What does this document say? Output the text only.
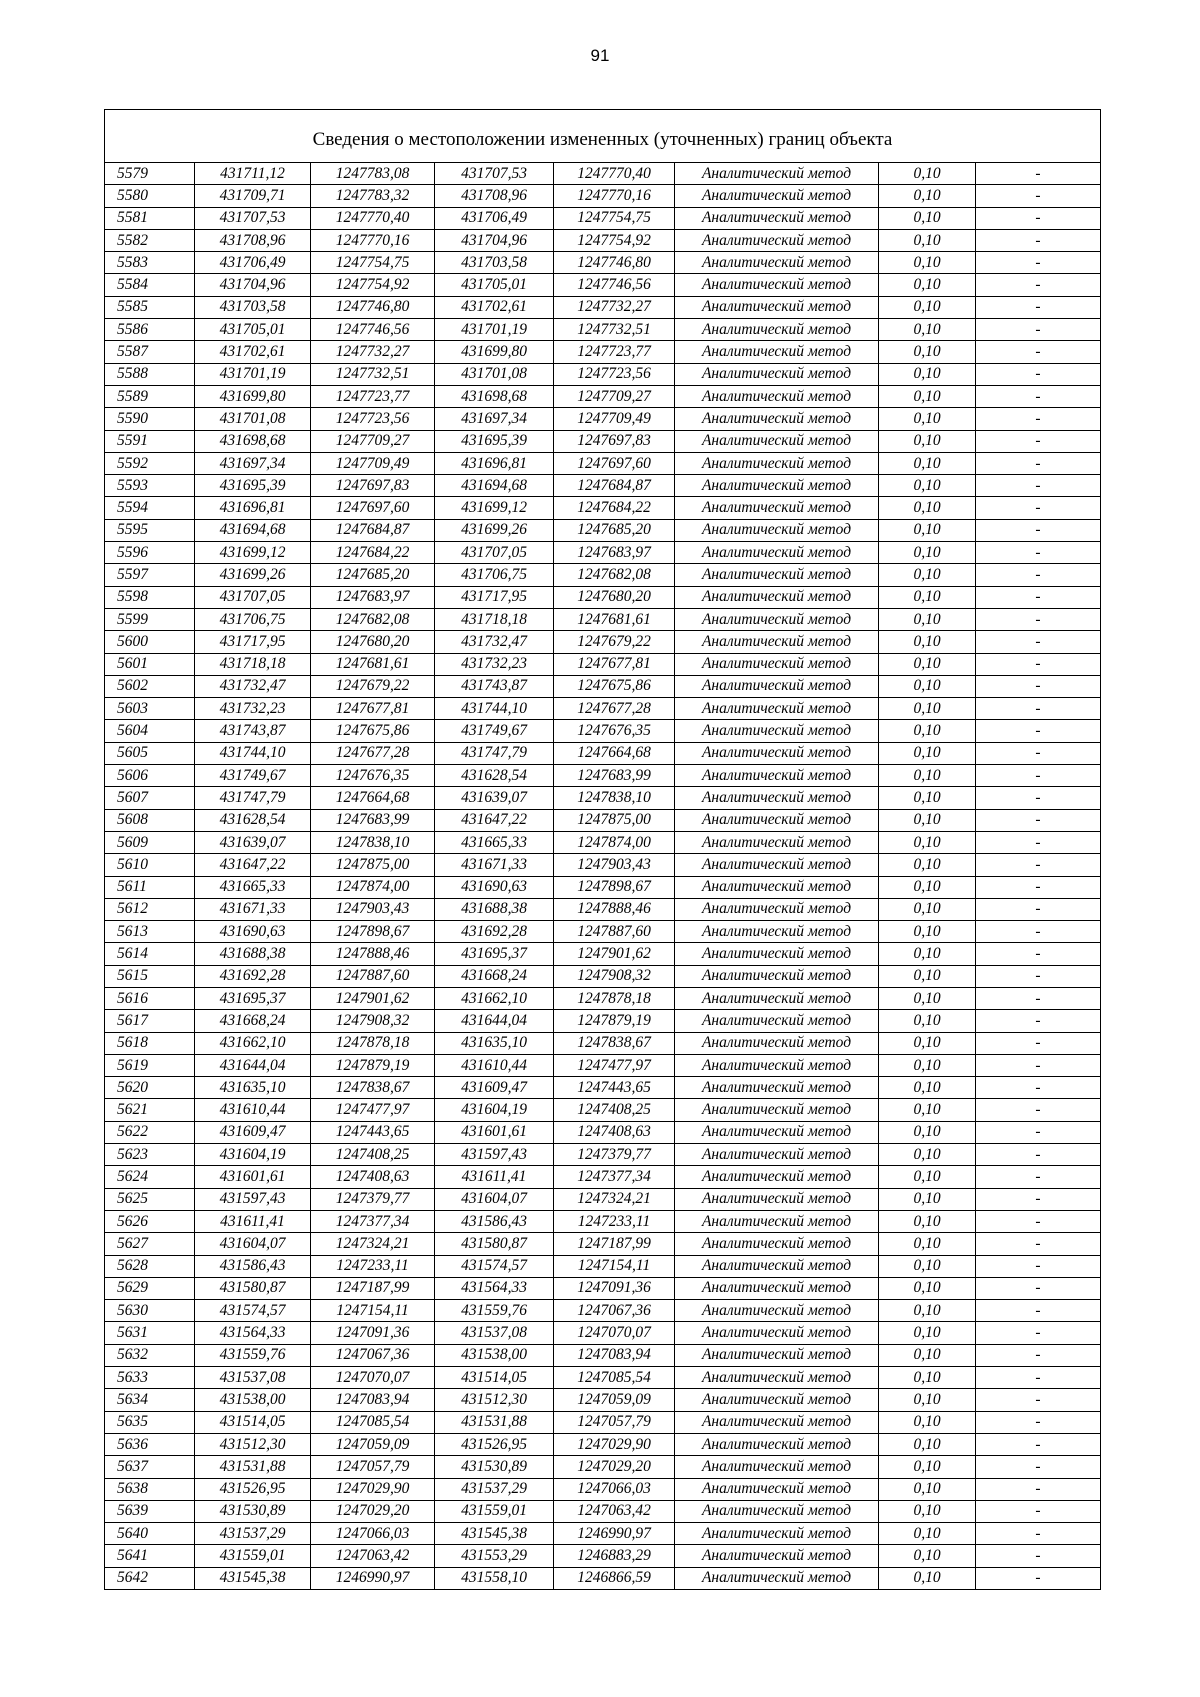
91
Сведения о местоположении измененных (уточненных) границ объекта
5579	431711,12	1247783,08	431707,53	1247770,40	Аналитический метод	0,10	-
5580	431709,71	1247783,32	431708,96	1247770,16	Аналитический метод	0,10	-
5581	431707,53	1247770,40	431706,49	1247754,75	Аналитический метод	0,10	-
5582	431708,96	1247770,16	431704,96	1247754,92	Аналитический метод	0,10	-
5583	431706,49	1247754,75	431703,58	1247746,80	Аналитический метод	0,10	-
5584	431704,96	1247754,92	431705,01	1247746,56	Аналитический метод	0,10	-
5585	431703,58	1247746,80	431702,61	1247732,27	Аналитический метод	0,10	-
5586	431705,01	1247746,56	431701,19	1247732,51	Аналитический метод	0,10	-
5587	431702,61	1247732,27	431699,80	1247723,77	Аналитический метод	0,10	-
5588	431701,19	1247732,51	431701,08	1247723,56	Аналитический метод	0,10	-
5589	431699,80	1247723,77	431698,68	1247709,27	Аналитический метод	0,10	-
5590	431701,08	1247723,56	431697,34	1247709,49	Аналитический метод	0,10	-
5591	431698,68	1247709,27	431695,39	1247697,83	Аналитический метод	0,10	-
5592	431697,34	1247709,49	431696,81	1247697,60	Аналитический метод	0,10	-
5593	431695,39	1247697,83	431694,68	1247684,87	Аналитический метод	0,10	-
5594	431696,81	1247697,60	431699,12	1247684,22	Аналитический метод	0,10	-
5595	431694,68	1247684,87	431699,26	1247685,20	Аналитический метод	0,10	-
5596	431699,12	1247684,22	431707,05	1247683,97	Аналитический метод	0,10	-
5597	431699,26	1247685,20	431706,75	1247682,08	Аналитический метод	0,10	-
5598	431707,05	1247683,97	431717,95	1247680,20	Аналитический метод	0,10	-
5599	431706,75	1247682,08	431718,18	1247681,61	Аналитический метод	0,10	-
5600	431717,95	1247680,20	431732,47	1247679,22	Аналитический метод	0,10	-
5601	431718,18	1247681,61	431732,23	1247677,81	Аналитический метод	0,10	-
5602	431732,47	1247679,22	431743,87	1247675,86	Аналитический метод	0,10	-
5603	431732,23	1247677,81	431744,10	1247677,28	Аналитический метод	0,10	-
5604	431743,87	1247675,86	431749,67	1247676,35	Аналитический метод	0,10	-
5605	431744,10	1247677,28	431747,79	1247664,68	Аналитический метод	0,10	-
5606	431749,67	1247676,35	431628,54	1247683,99	Аналитический метод	0,10	-
5607	431747,79	1247664,68	431639,07	1247838,10	Аналитический метод	0,10	-
5608	431628,54	1247683,99	431647,22	1247875,00	Аналитический метод	0,10	-
5609	431639,07	1247838,10	431665,33	1247874,00	Аналитический метод	0,10	-
5610	431647,22	1247875,00	431671,33	1247903,43	Аналитический метод	0,10	-
5611	431665,33	1247874,00	431690,63	1247898,67	Аналитический метод	0,10	-
5612	431671,33	1247903,43	431688,38	1247888,46	Аналитический метод	0,10	-
5613	431690,63	1247898,67	431692,28	1247887,60	Аналитический метод	0,10	-
5614	431688,38	1247888,46	431695,37	1247901,62	Аналитический метод	0,10	-
5615	431692,28	1247887,60	431668,24	1247908,32	Аналитический метод	0,10	-
5616	431695,37	1247901,62	431662,10	1247878,18	Аналитический метод	0,10	-
5617	431668,24	1247908,32	431644,04	1247879,19	Аналитический метод	0,10	-
5618	431662,10	1247878,18	431635,10	1247838,67	Аналитический метод	0,10	-
5619	431644,04	1247879,19	431610,44	1247477,97	Аналитический метод	0,10	-
5620	431635,10	1247838,67	431609,47	1247443,65	Аналитический метод	0,10	-
5621	431610,44	1247477,97	431604,19	1247408,25	Аналитический метод	0,10	-
5622	431609,47	1247443,65	431601,61	1247408,63	Аналитический метод	0,10	-
5623	431604,19	1247408,25	431597,43	1247379,77	Аналитический метод	0,10	-
5624	431601,61	1247408,63	431611,41	1247377,34	Аналитический метод	0,10	-
5625	431597,43	1247379,77	431604,07	1247324,21	Аналитический метод	0,10	-
5626	431611,41	1247377,34	431586,43	1247233,11	Аналитический метод	0,10	-
5627	431604,07	1247324,21	431580,87	1247187,99	Аналитический метод	0,10	-
5628	431586,43	1247233,11	431574,57	1247154,11	Аналитический метод	0,10	-
5629	431580,87	1247187,99	431564,33	1247091,36	Аналитический метод	0,10	-
5630	431574,57	1247154,11	431559,76	1247067,36	Аналитический метод	0,10	-
5631	431564,33	1247091,36	431537,08	1247070,07	Аналитический метод	0,10	-
5632	431559,76	1247067,36	431538,00	1247083,94	Аналитический метод	0,10	-
5633	431537,08	1247070,07	431514,05	1247085,54	Аналитический метод	0,10	-
5634	431538,00	1247083,94	431512,30	1247059,09	Аналитический метод	0,10	-
5635	431514,05	1247085,54	431531,88	1247057,79	Аналитический метод	0,10	-
5636	431512,30	1247059,09	431526,95	1247029,90	Аналитический метод	0,10	-
5637	431531,88	1247057,79	431530,89	1247029,20	Аналитический метод	0,10	-
5638	431526,95	1247029,90	431537,29	1247066,03	Аналитический метод	0,10	-
5639	431530,89	1247029,20	431559,01	1247063,42	Аналитический метод	0,10	-
5640	431537,29	1247066,03	431545,38	1246990,97	Аналитический метод	0,10	-
5641	431559,01	1247063,42	431553,29	1246883,29	Аналитический метод	0,10	-
5642	431545,38	1246990,97	431558,10	1246866,59	Аналитический метод	0,10	-
